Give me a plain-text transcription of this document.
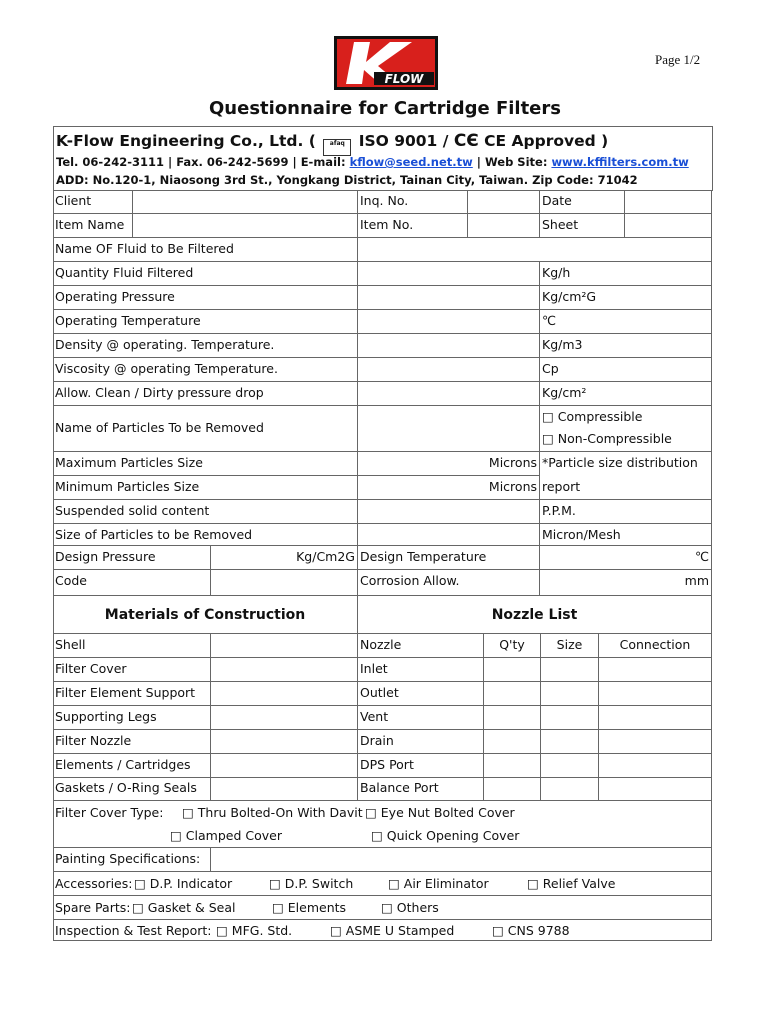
FLOW
Page 1/2
Questionnaire for Cartridge Filters
K-Flow Engineering Co., Ltd. ( afaq ISO 9001 / ϹЄ CE Approved )
Tel. 06-242-3111 | Fax. 06-242-5699 | E-mail: kflow@seed.net.tw | Web Site: www.kffilters.com.tw
ADD: No.120-1, Niaosong 3rd St., Yongkang District, Tainan City, Taiwan. Zip Code: 71042
Client	Inq. No.	Date
Item Name	Item No.	Sheet
Name OF Fluid to Be Filtered
Quantity Fluid Filtered	Kg/h
Operating Pressure	Kg/cm²G
Operating Temperature	℃
Density @ operating. Temperature.	Kg/m3
Viscosity @ operating Temperature.	Cp
Allow. Clean / Dirty pressure drop	Kg/cm²
Name of Particles To be Removed
□ Compressible
□ Non-Compressible
Maximum Particles Size	Microns *Particle size distribution
Minimum Particles Size	Microns report
Suspended solid content	P.P.M.
Size of Particles to be Removed	Micron/Mesh
Design Pressure	Kg/Cm2G Design Temperature	℃
Code	Corrosion Allow.	mm
Materials of Construction	Nozzle List
Shell	Nozzle	Q'ty	Size	Connection
Filter Cover	Inlet
Filter Element Support	Outlet
Supporting Legs	Vent
Filter Nozzle	Drain
Elements / Cartridges	DPS Port
Gaskets / O-Ring Seals	Balance Port
Filter Cover Type: □ Thru Bolted-On With Davit □ Eye Nut Bolted Cover
□ Clamped Cover	□ Quick Opening Cover
Painting Specifications:
Accessories: □ D.P. Indicator	□ D.P. Switch	□ Air Eliminator	□ Relief Valve
Spare Parts: □ Gasket & Seal	□ Elements	□ Others
Inspection & Test Report: □ MFG. Std.	□ ASME U Stamped	□ CNS 9788
